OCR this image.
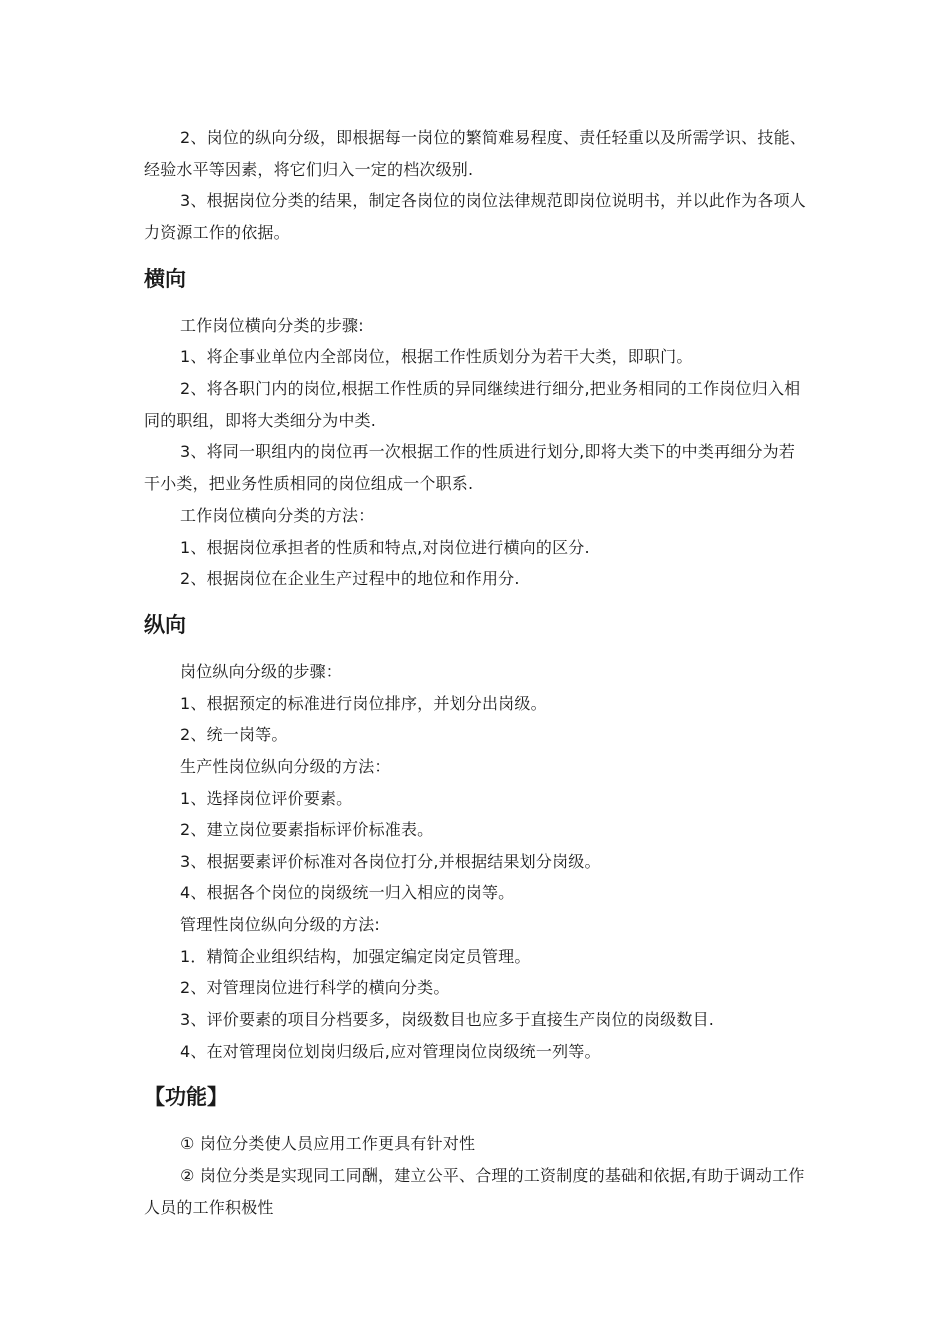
2、岗位的纵向分级，即根据每一岗位的繁简难易程度、责任轻重以及所需学识、技能、经验水平等因素，将它们归入一定的档次级别.

3、根据岗位分类的结果，制定各岗位的岗位法律规范即岗位说明书，并以此作为各项人力资源工作的依据。

横向

工作岗位横向分类的步骤:

1、将企事业单位内全部岗位，根据工作性质划分为若干大类，即职门。

2、将各职门内的岗位,根据工作性质的异同继续进行细分,把业务相同的工作岗位归入相同的职组，即将大类细分为中类.

3、将同一职组内的岗位再一次根据工作的性质进行划分,即将大类下的中类再细分为若干小类，把业务性质相同的岗位组成一个职系.

工作岗位横向分类的方法：

1、根据岗位承担者的性质和特点,对岗位进行横向的区分.

2、根据岗位在企业生产过程中的地位和作用分.

纵向

岗位纵向分级的步骤：

1、根据预定的标准进行岗位排序，并划分出岗级。

2、统一岗等。

生产性岗位纵向分级的方法：

1、选择岗位评价要素。

2、建立岗位要素指标评价标准表。

3、根据要素评价标准对各岗位打分,并根据结果划分岗级。

4、根据各个岗位的岗级统一归入相应的岗等。

管理性岗位纵向分级的方法:

1．精简企业组织结构，加强定编定岗定员管理。

2、对管理岗位进行科学的横向分类。

3、评价要素的项目分档要多，岗级数目也应多于直接生产岗位的岗级数目.

4、在对管理岗位划岗归级后,应对管理岗位岗级统一列等。

【功能】

① 岗位分类使人员应用工作更具有针对性

② 岗位分类是实现同工同酬，建立公平、合理的工资制度的基础和依据,有助于调动工作人员的工作积极性
